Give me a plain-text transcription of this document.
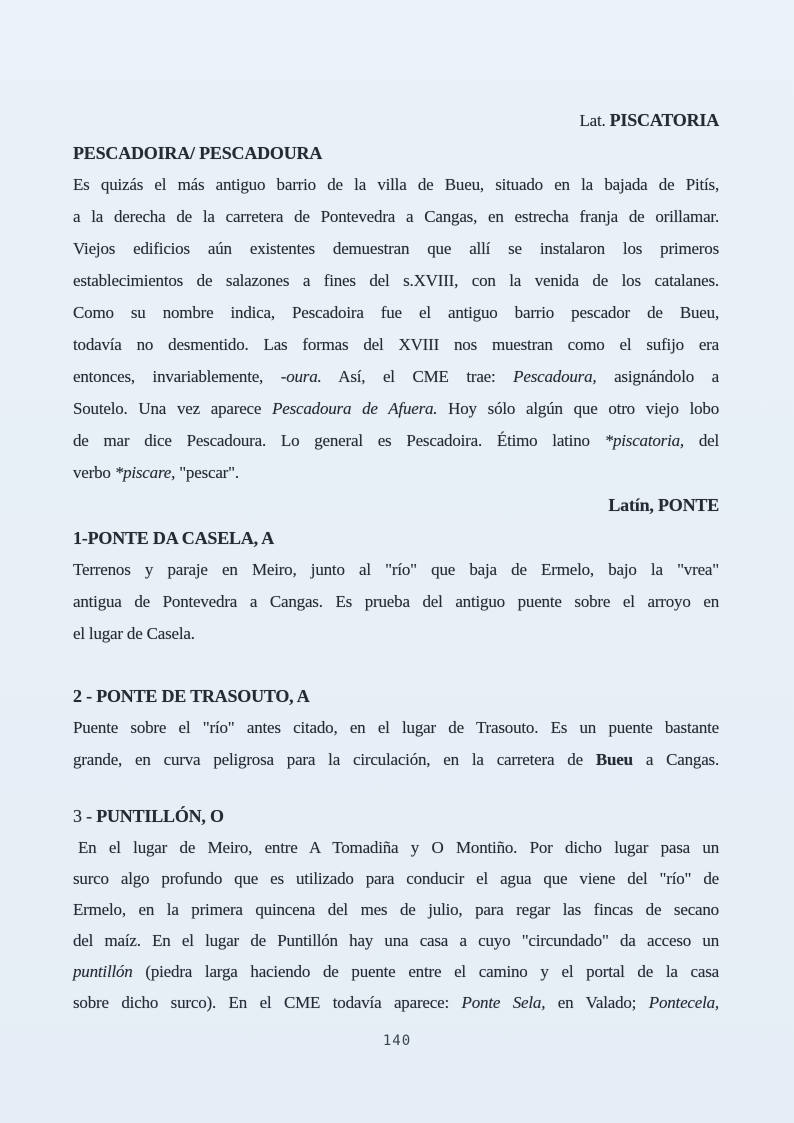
Lat. PISCATORIA
PESCADOIRA/ PESCADOURA
Es quizás el más antiguo barrio de la villa de Bueu, situado en la bajada de Pitís,
a la derecha de la carretera de Pontevedra a Cangas, en estrecha franja de orillamar.
Viejos edificios aún existentes demuestran que allí se instalaron los primeros
establecimientos de salazones a fines del s.XVIII, con la venida de los catalanes.
Como su nombre indica, Pescadoira fue el antiguo barrio pescador de Bueu,
todavía no desmentido. Las formas del XVIII nos muestran como el sufijo era
entonces, invariablemente, -oura. Así, el CME trae: Pescadoura, asignándolo a
Soutelo. Una vez aparece Pescadoura de Afuera. Hoy sólo algún que otro viejo lobo
de mar dice Pescadoura. Lo general es Pescadoira. Étimo latino *piscatoria, del
verbo *piscare, "pescar".
Latín, PONTE
1-PONTE DA CASELA, A
Terrenos y paraje en Meiro, junto al "río" que baja de Ermelo, bajo la "vrea"
antigua de Pontevedra a Cangas. Es prueba del antiguo puente sobre el arroyo en
el lugar de Casela.
2 - PONTE DE TRASOUTO, A
Puente sobre el "río" antes citado, en el lugar de Trasouto. Es un puente bastante
grande, en curva peligrosa para la circulación, en la carretera de Bueu a Cangas.
3 - PUNTILLÓN, O
En el lugar de Meiro, entre A Tomadiña y O Montiño. Por dicho lugar pasa un
surco algo profundo que es utilizado para conducir el agua que viene del "río" de
Ermelo, en la primera quincena del mes de julio, para regar las fincas de secano
del maíz. En el lugar de Puntillón hay una casa a cuyo "circundado" da acceso un
puntillón (piedra larga haciendo de puente entre el camino y el portal de la casa
sobre dicho surco). En el CME todavía aparece: Ponte Sela, en Valado; Pontecela,
140
